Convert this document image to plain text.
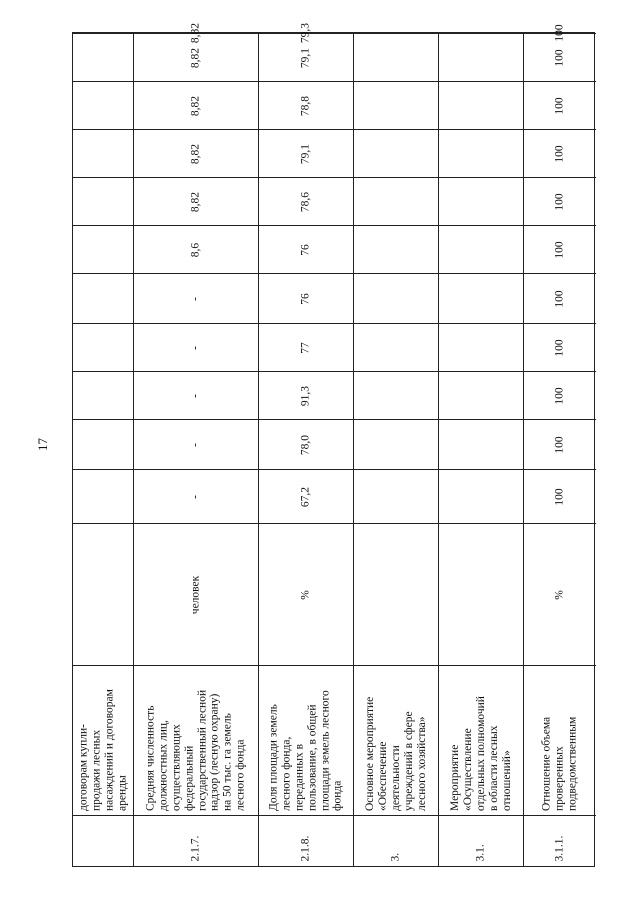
17
договорам купли-
продажи лесных
насаждений и договорам
аренды
2.1.7.
Средняя численность
должностных лиц,
осуществляющих
федеральный
государственный лесной
надзор (лесную охрану)
на 50 тыс. га земель
лесного фонда
человек
-
-
-
-
-
8,6
8,82
8,82
8,82
8,82
8,82
2.1.8.
Доля площади земель
лесного фонда,
переданных в
пользование, в общей
площади земель лесного
фонда
%
67,2
78,0
91,3
77
76
76
78,6
79,1
78,8
79,1
79,3
3.
Основное мероприятие
«Обеспечение
деятельности
учреждений в сфере
лесного хозяйства»
3.1.
Мероприятие
«Осуществление
отдельных полномочий
в области лесных
отношений»
3.1.1.
Отношение объема
проверенных
подведомственным
%
100
100
100
100
100
100
100
100
100
100
100
